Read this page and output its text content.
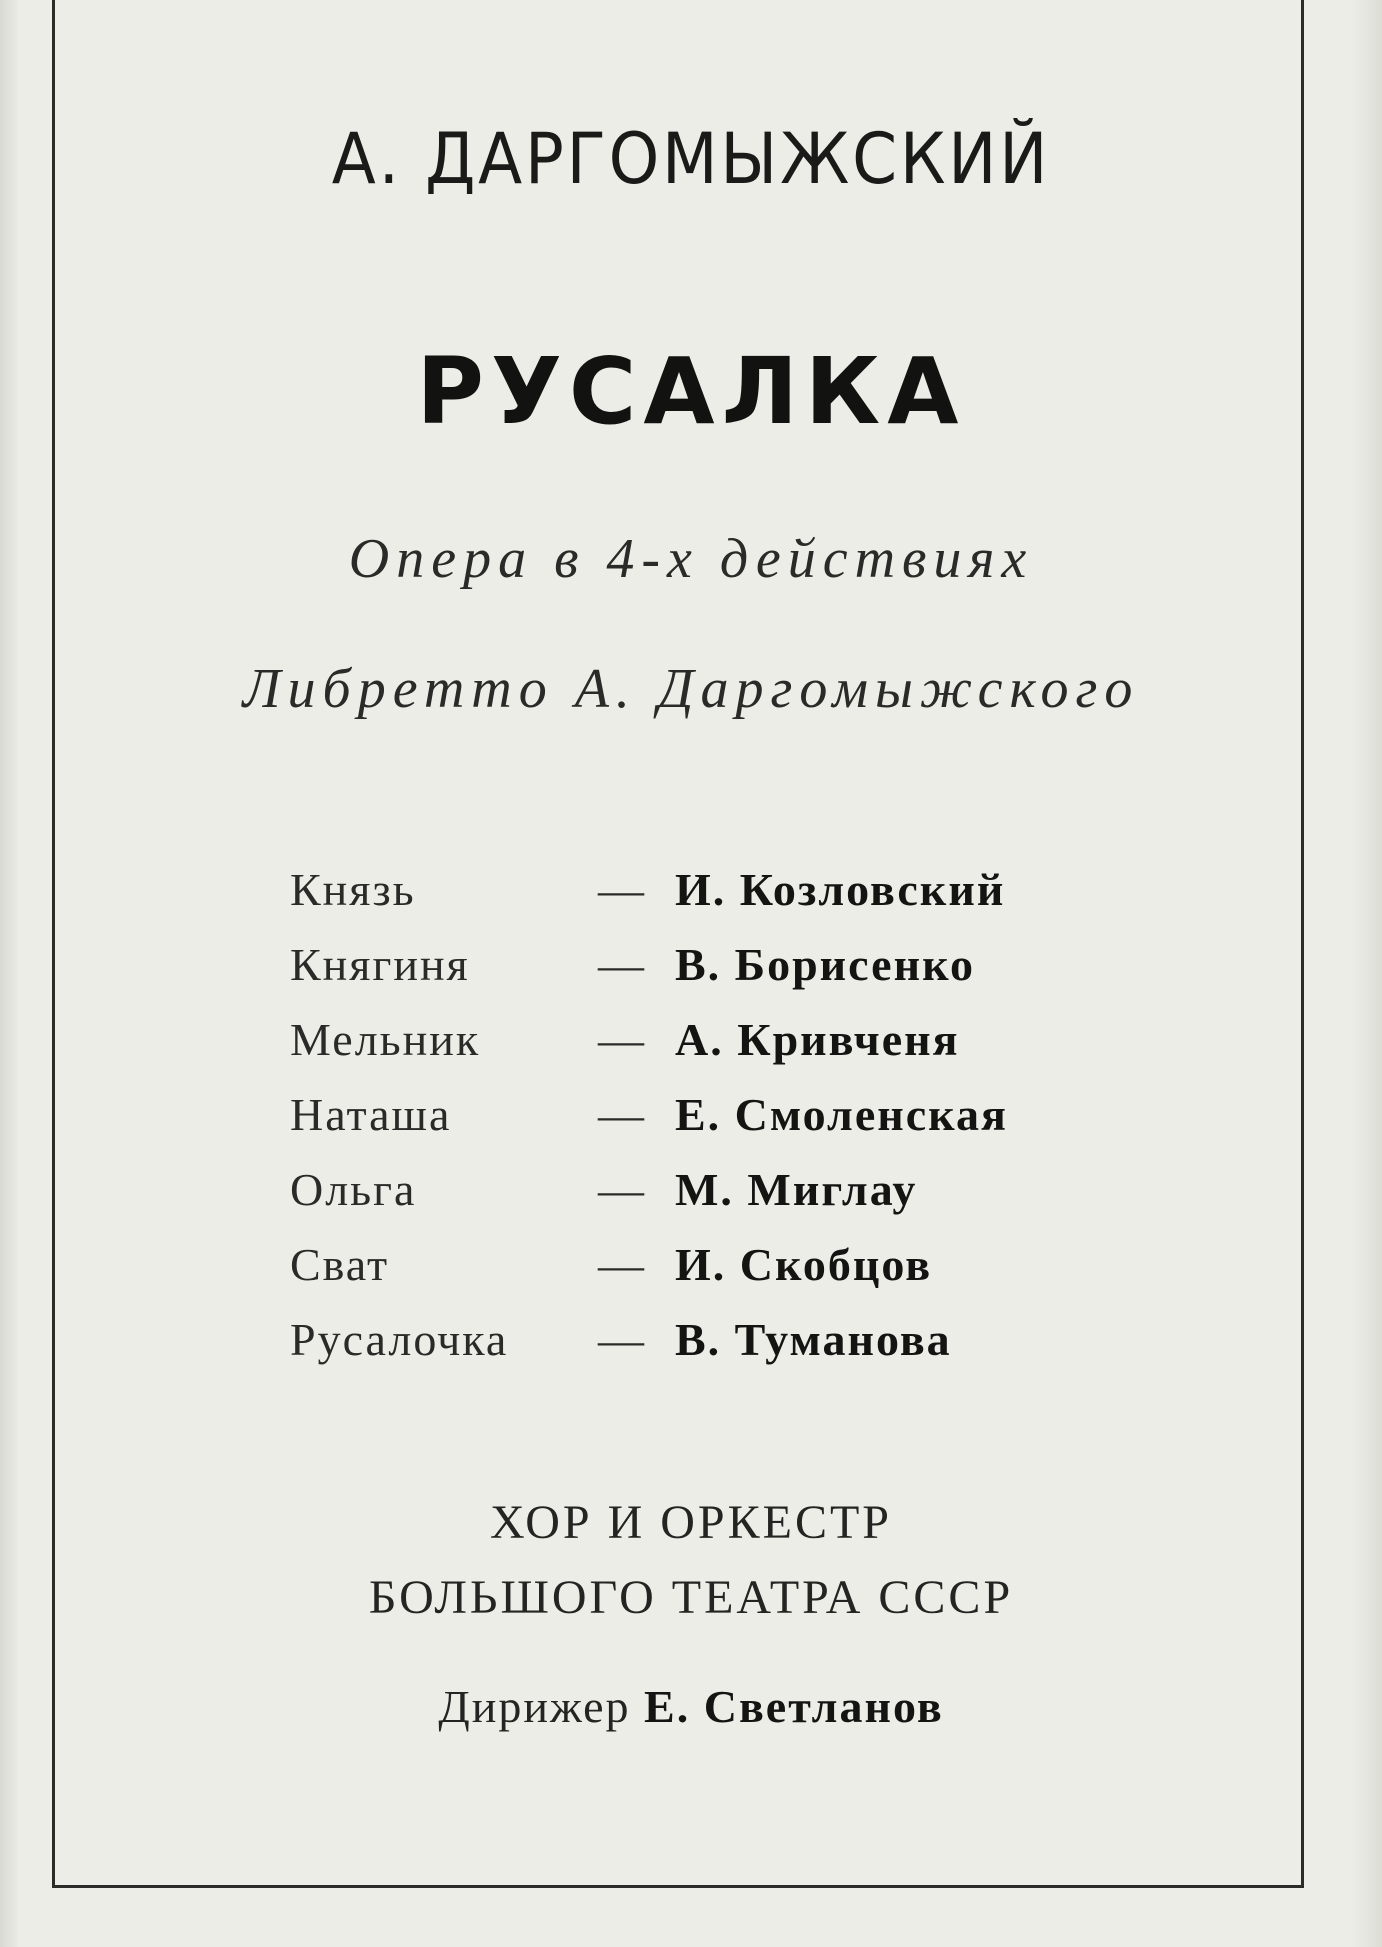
А. ДАРГОМЫЖСКИЙ
РУСАЛКА
Опера в 4-х действиях
Либретто А. Даргомыжского
Князь	— И. Козловский
Княгиня	— В. Борисенко
Мельник	— А. Кривченя
Наташа	— Е. Смоленская
Ольга	— М. Миглау
Сват	— И. Скобцов
Русалочка — В. Туманова
ХОР И ОРКЕСТР
БОЛЬШОГО ТЕАТРА СССР
Дирижер Е. Светланов
